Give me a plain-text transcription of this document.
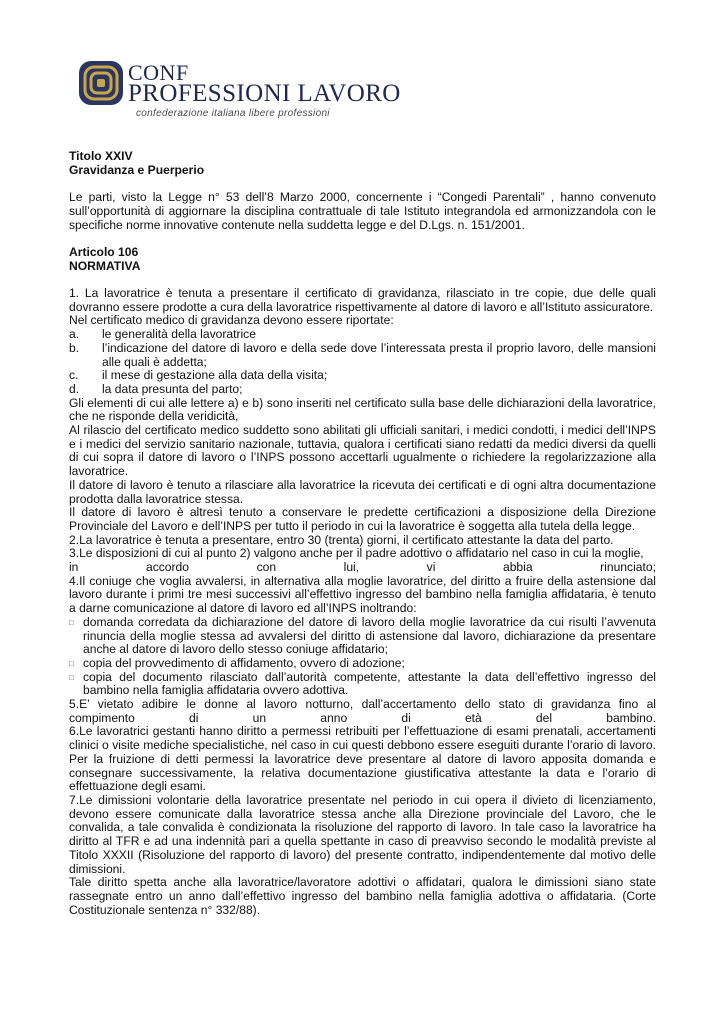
CONF
PROFESSIONI LAVORO
confederazione italiana libere professioni

Titolo XXIV

Gravidanza e Puerperio

Le parti, visto la Legge n° 53 dell’8 Marzo 2000, concernente i “Congedi Parentali” , hanno convenuto sull’opportunità di aggiornare la disciplina contrattuale di tale Istituto integrandola ed armonizzandola con le specifiche norme innovative contenute nella suddetta legge e del D.Lgs. n. 151/2001.

Articolo 106

NORMATIVA

1. La lavoratrice è tenuta a presentare il certificato di gravidanza, rilasciato in tre copie, due delle quali dovranno essere prodotte a cura della lavoratrice rispettivamente al datore di lavoro e all’Istituto assicuratore.

Nel certificato medico di gravidanza devono essere riportate:

a.	le generalità della lavoratrice
b.	l’indicazione del datore di lavoro e della sede dove l’interessata presta il proprio lavoro, delle mansioni alle quali è addetta;
c.	il mese di gestazione alla data della visita;
d.	la data presunta del parto;

Gli elementi di cui alle lettere a) e b) sono inseriti nel certificato sulla base delle dichiarazioni della lavoratrice, che ne risponde della veridicità,

Al rilascio del certificato medico suddetto sono abilitati gli ufficiali sanitari, i medici condotti, i medici dell’INPS e i medici del servizio sanitario nazionale, tuttavia, qualora i certificati siano redatti da medici diversi da quelli di cui sopra il datore di lavoro o l’INPS possono accettarli ugualmente o richiedere la regolarizzazione alla lavoratrice.

Il datore di lavoro è tenuto a rilasciare alla lavoratrice la ricevuta dei certificati e di ogni altra documentazione prodotta dalla lavoratrice stessa.

Il datore di lavoro è altresì tenuto a conservare le predette certificazioni a disposizione della Direzione Provinciale del Lavoro e dell’INPS per tutto il periodo in cui la lavoratrice è soggetta alla tutela della legge.

2.La lavoratrice è tenuta a presentare, entro 30 (trenta) giorni, il certificato attestante la data del parto.

3.Le disposizioni di cui al punto 2) valgono anche per il padre adottivo o affidatario nel caso in cui la moglie,

in	accordo	con	lui,	vi	abbia	rinunciato;

4.Il coniuge che voglia avvalersi, in alternativa alla moglie lavoratrice, del diritto a fruire della astensione dal lavoro durante i primi tre mesi successivi all’effettivo ingresso del bambino nella famiglia affidataria, è tenuto a darne comunicazione al datore di lavoro ed all’INPS inoltrando:

□ domanda corredata da dichiarazione del datore di lavoro della moglie lavoratrice da cui risulti l’avvenuta rinuncia della moglie stessa ad avvalersi del diritto di astensione dal lavoro, dichiarazione da presentare anche al datore di lavoro dello stesso coniuge affidatario;
□ copia del provvedimento di affidamento, ovvero di adozione;
□ copia del documento rilasciato dall’autorità competente, attestante la data dell’effettivo ingresso del bambino nella famiglia affidataria ovvero adottiva.

5.E’ vietato adibire le donne al lavoro notturno, dall’accertamento dello stato di gravidanza fino al

compimento	di	un	anno	di	età	del	bambino.

6.Le lavoratrici gestanti hanno diritto a permessi retribuiti per l’effettuazione di esami prenatali, accertamenti clinici o visite mediche specialistiche, nel caso in cui questi debbono essere eseguiti durante l’orario di lavoro. Per la fruizione di detti permessi la lavoratrice deve presentare al datore di lavoro apposita domanda e consegnare successivamente, la relativa documentazione giustificativa attestante la data e l’orario di effettuazione degli esami.

7.Le dimissioni volontarie della lavoratrice presentate nel periodo in cui opera il divieto di licenziamento, devono essere comunicate dalla lavoratrice stessa anche alla Direzione provinciale del Lavoro, che le convalida, a tale convalida è condizionata la risoluzione del rapporto di lavoro. In tale caso la lavoratrice ha diritto al TFR e ad una indennità pari a quella spettante in caso di preavviso secondo le modalità previste al Titolo XXXII (Risoluzione del rapporto di lavoro) del presente contratto, indipendentemente dal motivo delle dimissioni.

Tale diritto spetta anche alla lavoratrice/lavoratore adottivi o affidatari, qualora le dimissioni siano state rassegnate entro un anno dall’effettivo ingresso del bambino nella famiglia adottiva o affidataria. (Corte Costituzionale sentenza n° 332/88).
